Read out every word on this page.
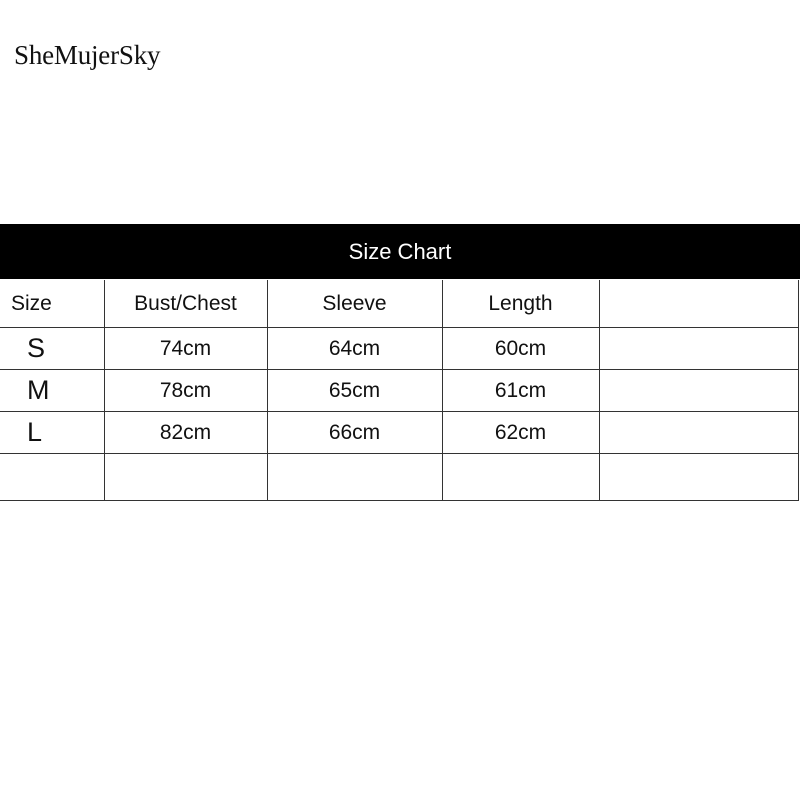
SheMujerSky
Size Chart
Size	Bust/Chest	Sleeve	Length	
S	74cm	64cm	60cm	
M	78cm	65cm	61cm	
L	82cm	66cm	62cm	
